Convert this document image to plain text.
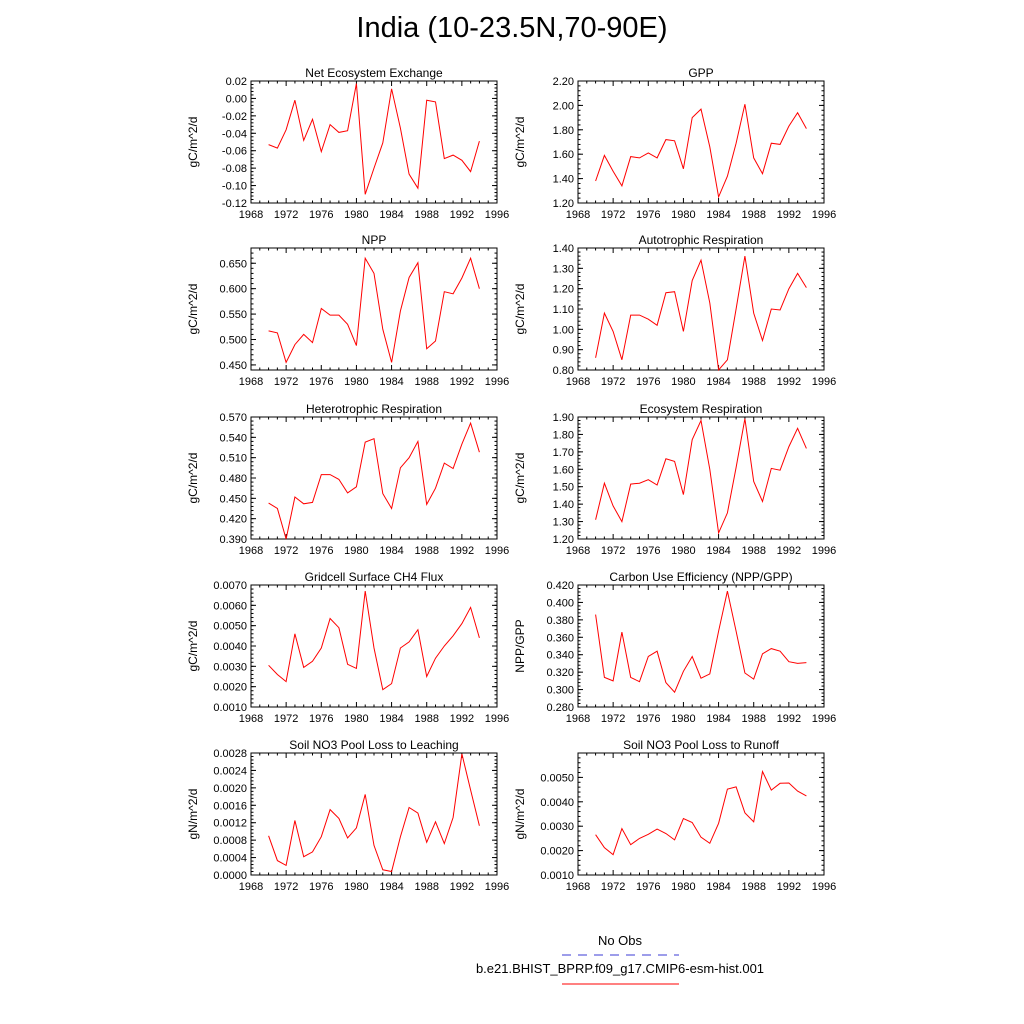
India (10-23.5N,70-90E)
1968 1972 1976 1980 1984 1988 1992 1996
-0.12
-0.10
-0.08
-0.06
-0.04
-0.02
0.00
0.02
Net Ecosystem Exchange
gC/m^2/d
1968 1972 1976 1980 1984 1988 1992 1996
1.20
1.40
1.60
1.80
2.00
2.20
GPP
gC/m^2/d
1968 1972 1976 1980 1984 1988 1992 1996
0.450
0.500
0.550
0.600
0.650
NPP
gC/m^2/d
1968 1972 1976 1980 1984 1988 1992 1996
0.80
0.90
1.00
1.10
1.20
1.30
1.40
Autotrophic Respiration
gC/m^2/d
1968 1972 1976 1980 1984 1988 1992 1996
0.390
0.420
0.450
0.480
0.510
0.540
0.570
Heterotrophic Respiration
gC/m^2/d
1968 1972 1976 1980 1984 1988 1992 1996
1.20
1.30
1.40
1.50
1.60
1.70
1.80
1.90
Ecosystem Respiration
gC/m^2/d
1968 1972 1976 1980 1984 1988 1992 1996
0.0010
0.0020
0.0030
0.0040
0.0050
0.0060
0.0070
Gridcell Surface CH4 Flux
gC/m^2/d
1968 1972 1976 1980 1984 1988 1992 1996
0.280
0.300
0.320
0.340
0.360
0.380
0.400
0.420
Carbon Use Efficiency (NPP/GPP)
NPP/GPP
1968 1972 1976 1980 1984 1988 1992 1996
0.0000
0.0004
0.0008
0.0012
0.0016
0.0020
0.0024
0.0028
Soil NO3 Pool Loss to Leaching
gN/m^2/d
1968 1972 1976 1980 1984 1988 1992 1996
0.0010
0.0020
0.0030
0.0040
0.0050
Soil NO3 Pool Loss to Runoff
gN/m^2/d
No Obs
b.e21.BHIST_BPRP.f09_g17.CMIP6-esm-hist.001
